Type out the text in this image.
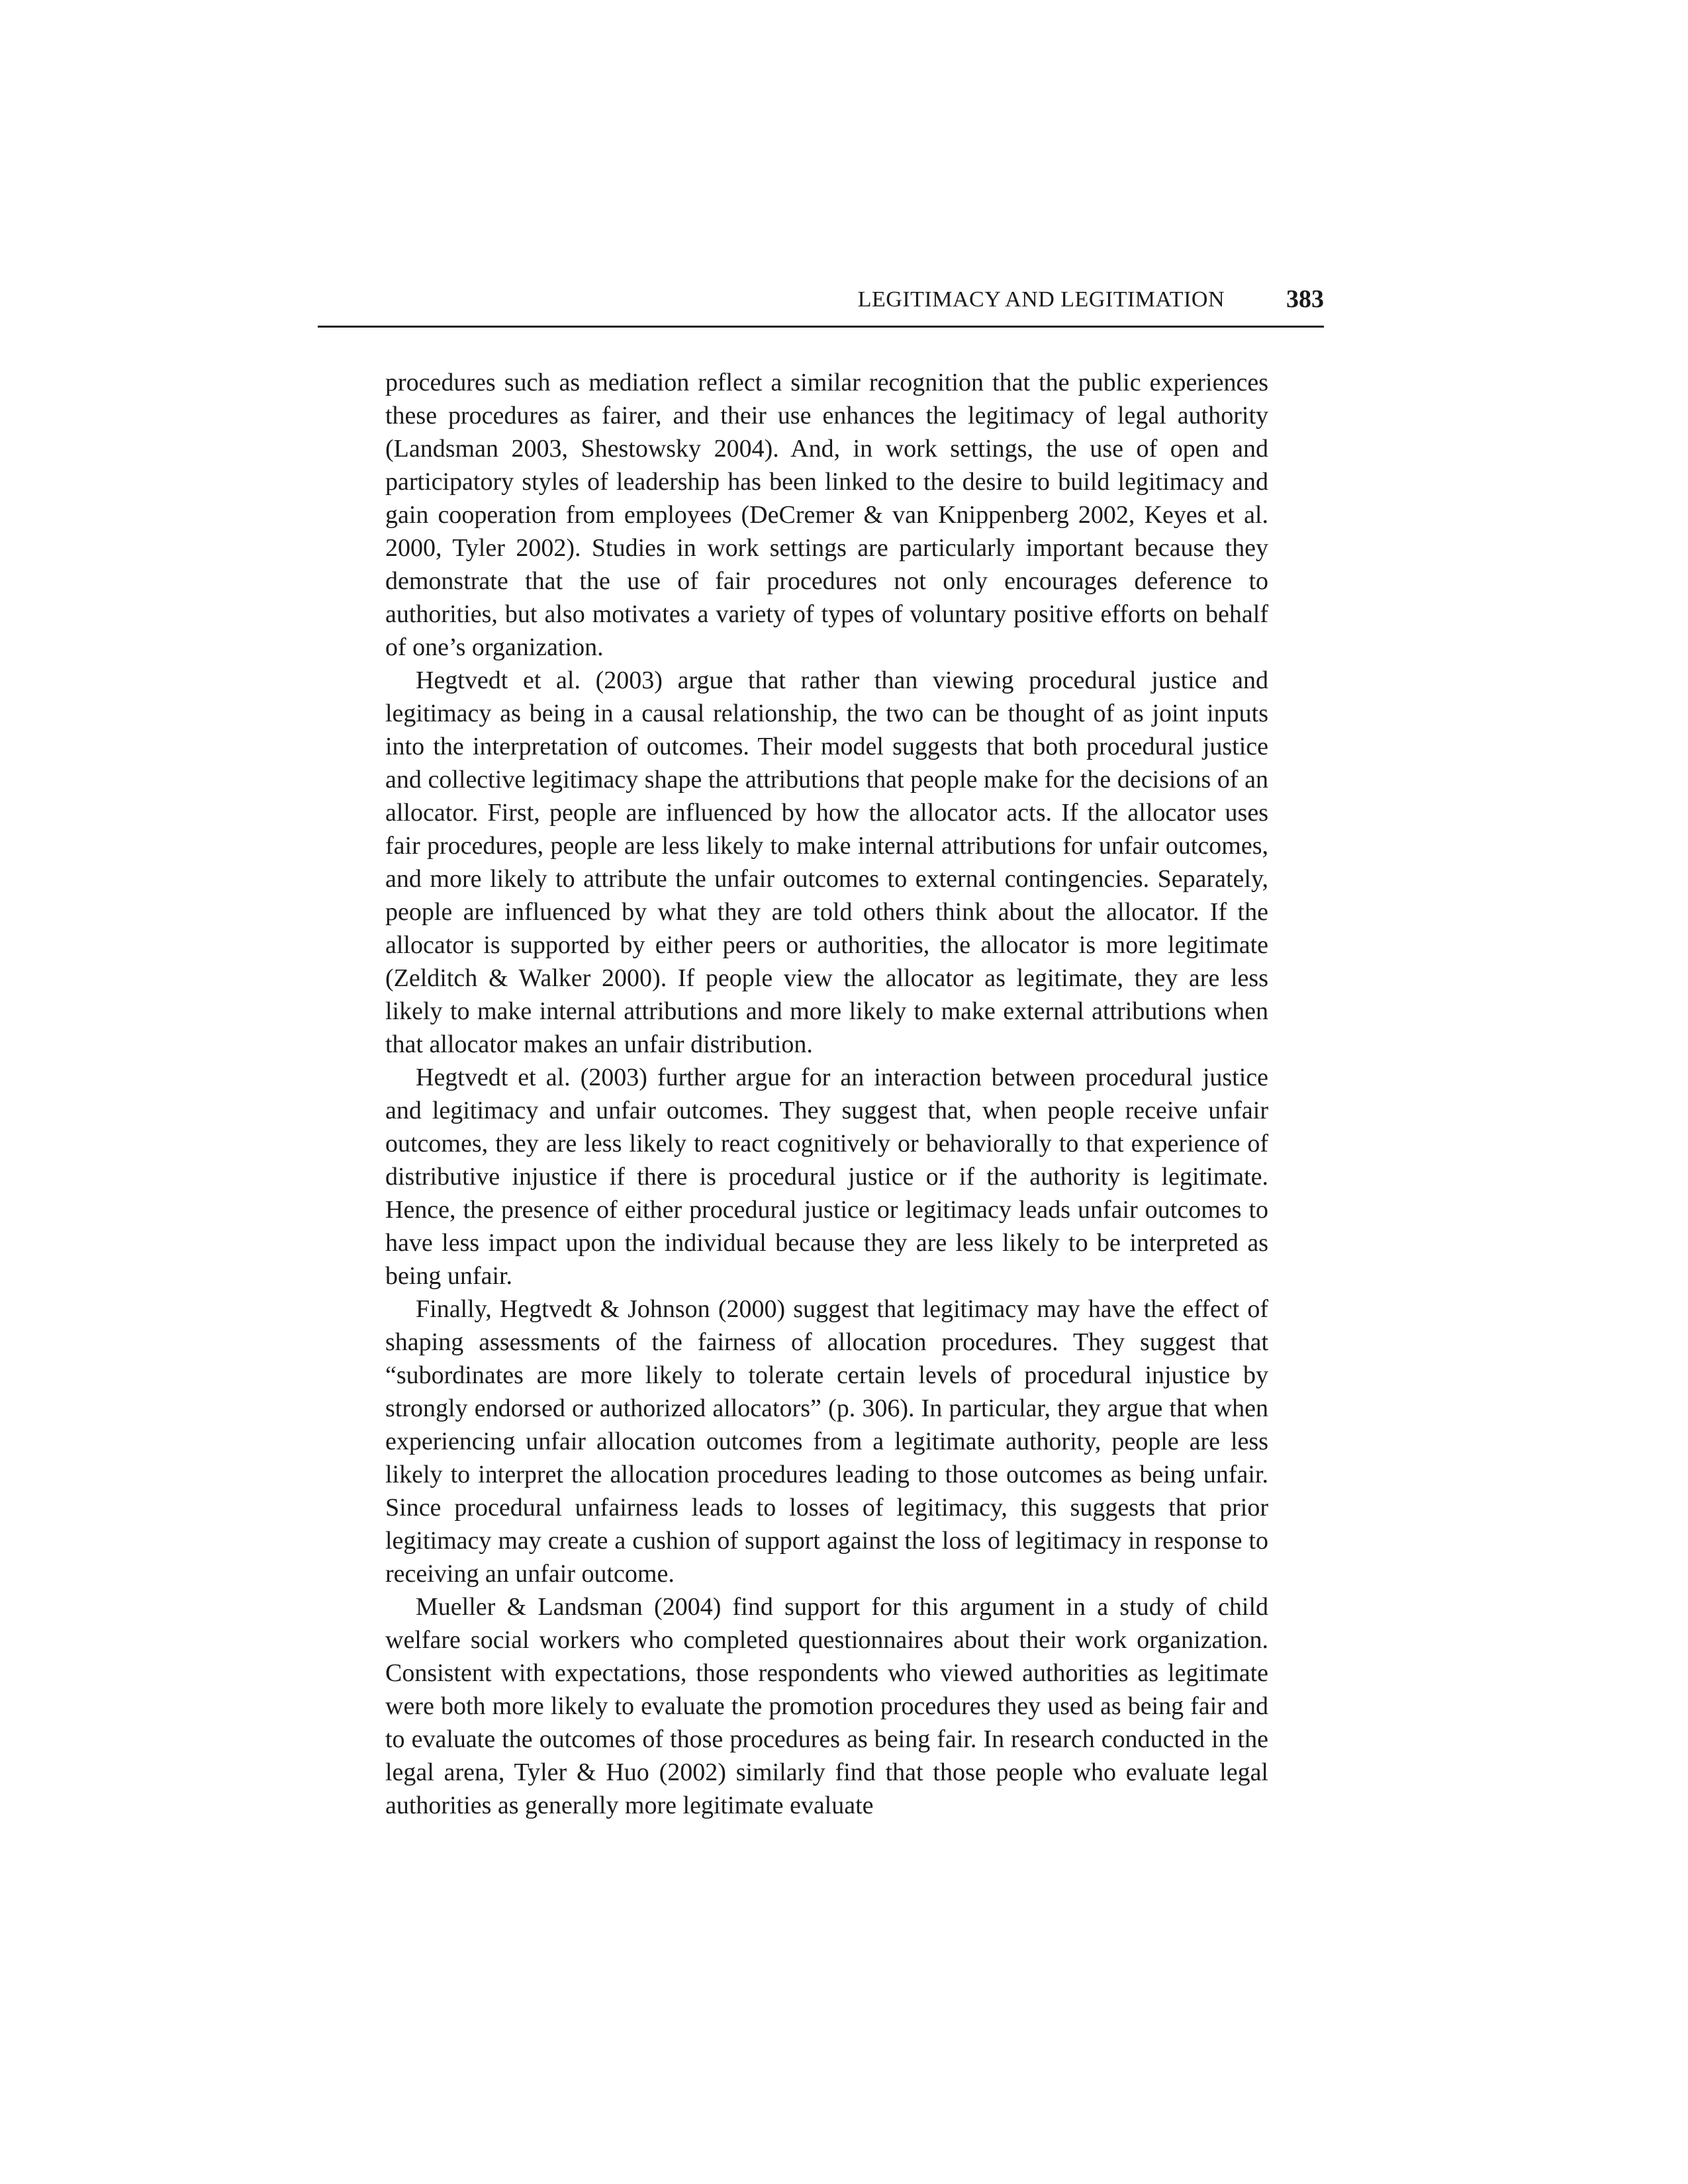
LEGITIMACY AND LEGITIMATION 383

procedures such as mediation reflect a similar recognition that the public experiences these procedures as fairer, and their use enhances the legitimacy of legal authority (Landsman 2003, Shestowsky 2004). And, in work settings, the use of open and participatory styles of leadership has been linked to the desire to build legitimacy and gain cooperation from employees (DeCremer & van Knippenberg 2002, Keyes et al. 2000, Tyler 2002). Studies in work settings are particularly important because they demonstrate that the use of fair procedures not only encourages deference to authorities, but also motivates a variety of types of voluntary positive efforts on behalf of one’s organization.

Hegtvedt et al. (2003) argue that rather than viewing procedural justice and legitimacy as being in a causal relationship, the two can be thought of as joint inputs into the interpretation of outcomes. Their model suggests that both procedural justice and collective legitimacy shape the attributions that people make for the decisions of an allocator. First, people are influenced by how the allocator acts. If the allocator uses fair procedures, people are less likely to make internal attributions for unfair outcomes, and more likely to attribute the unfair outcomes to external contingencies. Separately, people are influenced by what they are told others think about the allocator. If the allocator is supported by either peers or authorities, the allocator is more legitimate (Zelditch & Walker 2000). If people view the allocator as legitimate, they are less likely to make internal attributions and more likely to make external attributions when that allocator makes an unfair distribution.

Hegtvedt et al. (2003) further argue for an interaction between procedural justice and legitimacy and unfair outcomes. They suggest that, when people receive unfair outcomes, they are less likely to react cognitively or behaviorally to that experience of distributive injustice if there is procedural justice or if the authority is legitimate. Hence, the presence of either procedural justice or legitimacy leads unfair outcomes to have less impact upon the individual because they are less likely to be interpreted as being unfair.

Finally, Hegtvedt & Johnson (2000) suggest that legitimacy may have the effect of shaping assessments of the fairness of allocation procedures. They suggest that “subordinates are more likely to tolerate certain levels of procedural injustice by strongly endorsed or authorized allocators” (p. 306). In particular, they argue that when experiencing unfair allocation outcomes from a legitimate authority, people are less likely to interpret the allocation procedures leading to those outcomes as being unfair. Since procedural unfairness leads to losses of legitimacy, this suggests that prior legitimacy may create a cushion of support against the loss of legitimacy in response to receiving an unfair outcome.

Mueller & Landsman (2004) find support for this argument in a study of child welfare social workers who completed questionnaires about their work organization. Consistent with expectations, those respondents who viewed authorities as legitimate were both more likely to evaluate the promotion procedures they used as being fair and to evaluate the outcomes of those procedures as being fair. In research conducted in the legal arena, Tyler & Huo (2002) similarly find that those people who evaluate legal authorities as generally more legitimate evaluate
